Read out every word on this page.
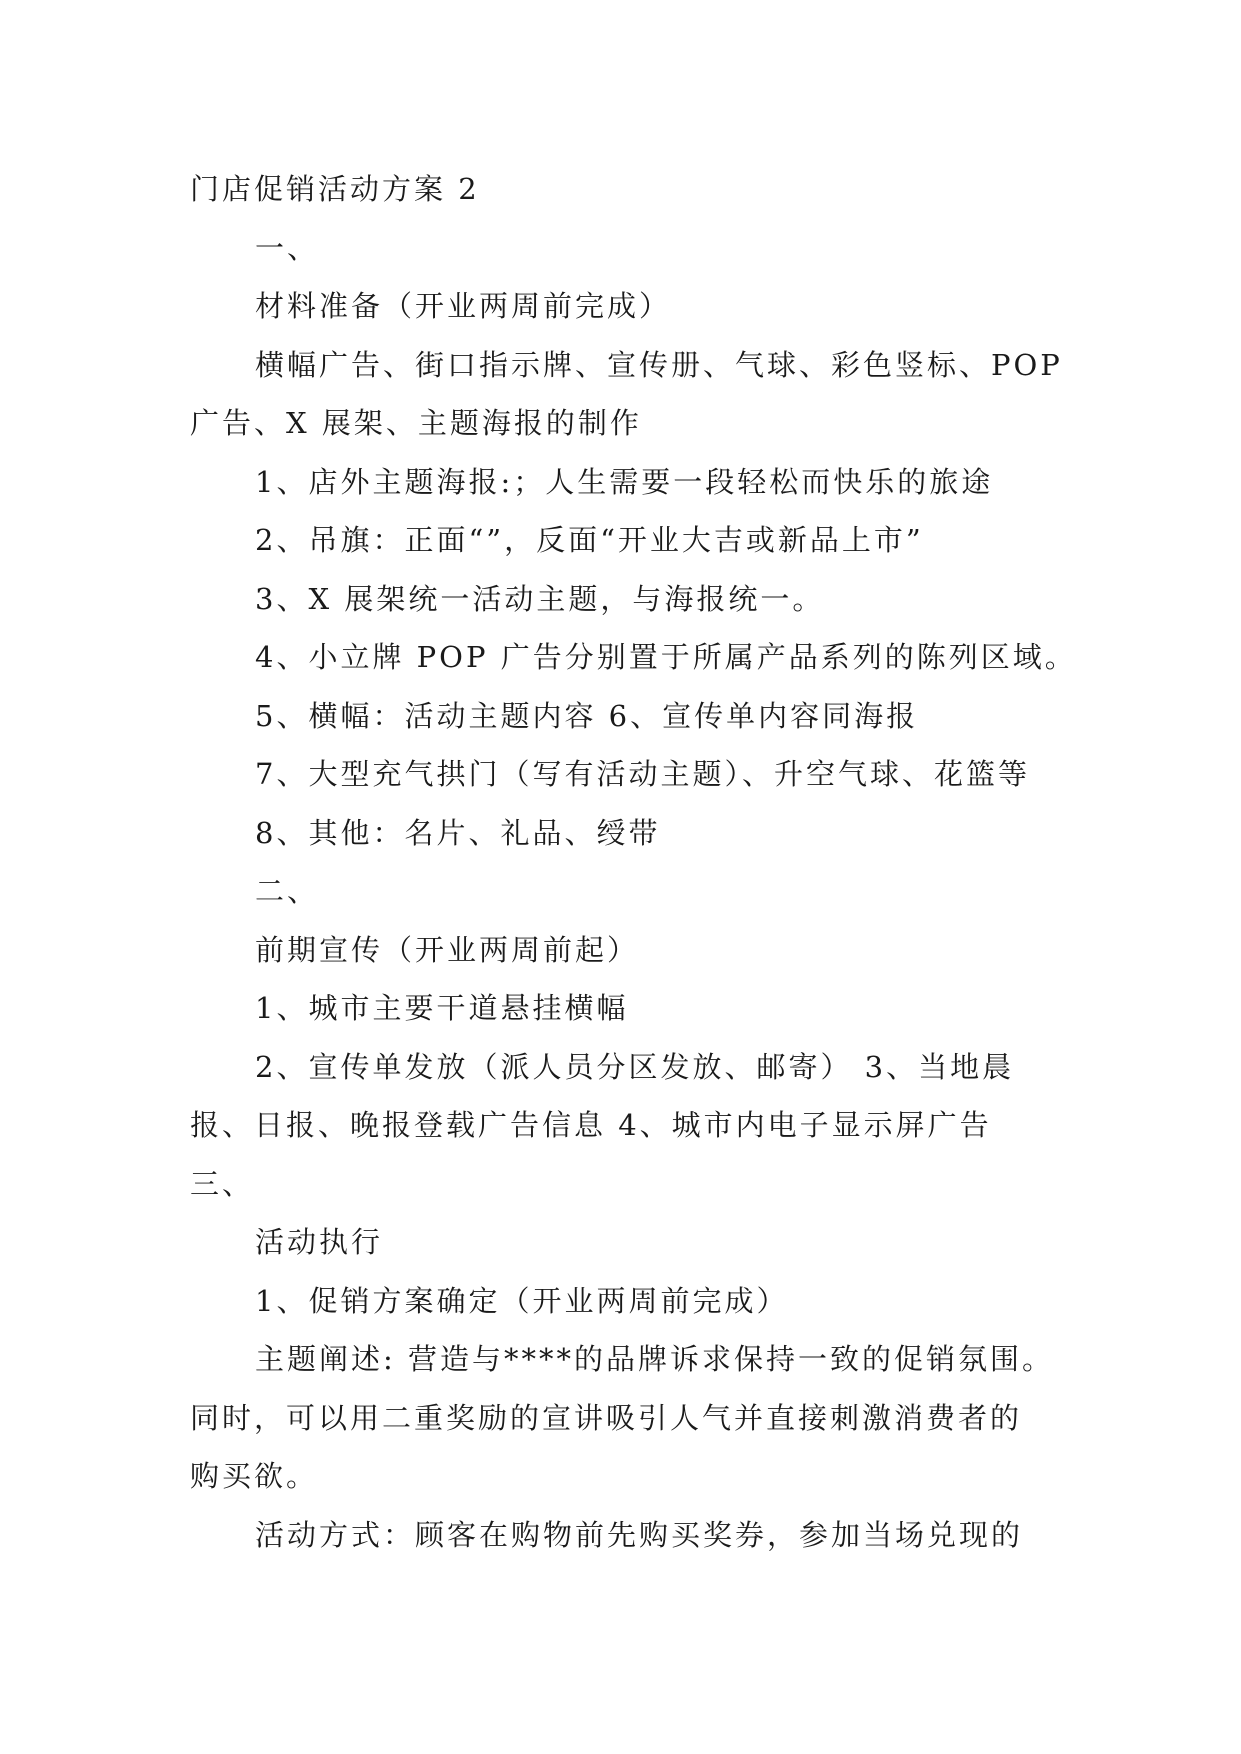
门店促销活动方案 2
一、
材料准备（开业两周前完成）
横幅广告、街口指示牌、宣传册、气球、彩色竖标、POP
广告、X 展架、主题海报的制作
1、店外主题海报:；人生需要一段轻松而快乐的旅途
2、吊旗：正面“”，反面“开业大吉或新品上市”
3、X 展架统一活动主题，与海报统一。
4、小立牌 POP 广告分别置于所属产品系列的陈列区域。
5、横幅：活动主题内容 6、宣传单内容同海报
7、大型充气拱门（写有活动主题）、升空气球、花篮等
8、其他：名片、礼品、绶带
二、
前期宣传（开业两周前起）
1、城市主要干道悬挂横幅
2、宣传单发放（派人员分区发放、邮寄） 3、当地晨
报、日报、晚报登载广告信息 4、城市内电子显示屏广告
三、
活动执行
1、促销方案确定（开业两周前完成）
主题阐述: 营造与****的品牌诉求保持一致的促销氛围。
同时，可以用二重奖励的宣讲吸引人气并直接刺激消费者的
购买欲。
活动方式：顾客在购物前先购买奖券，参加当场兑现的
